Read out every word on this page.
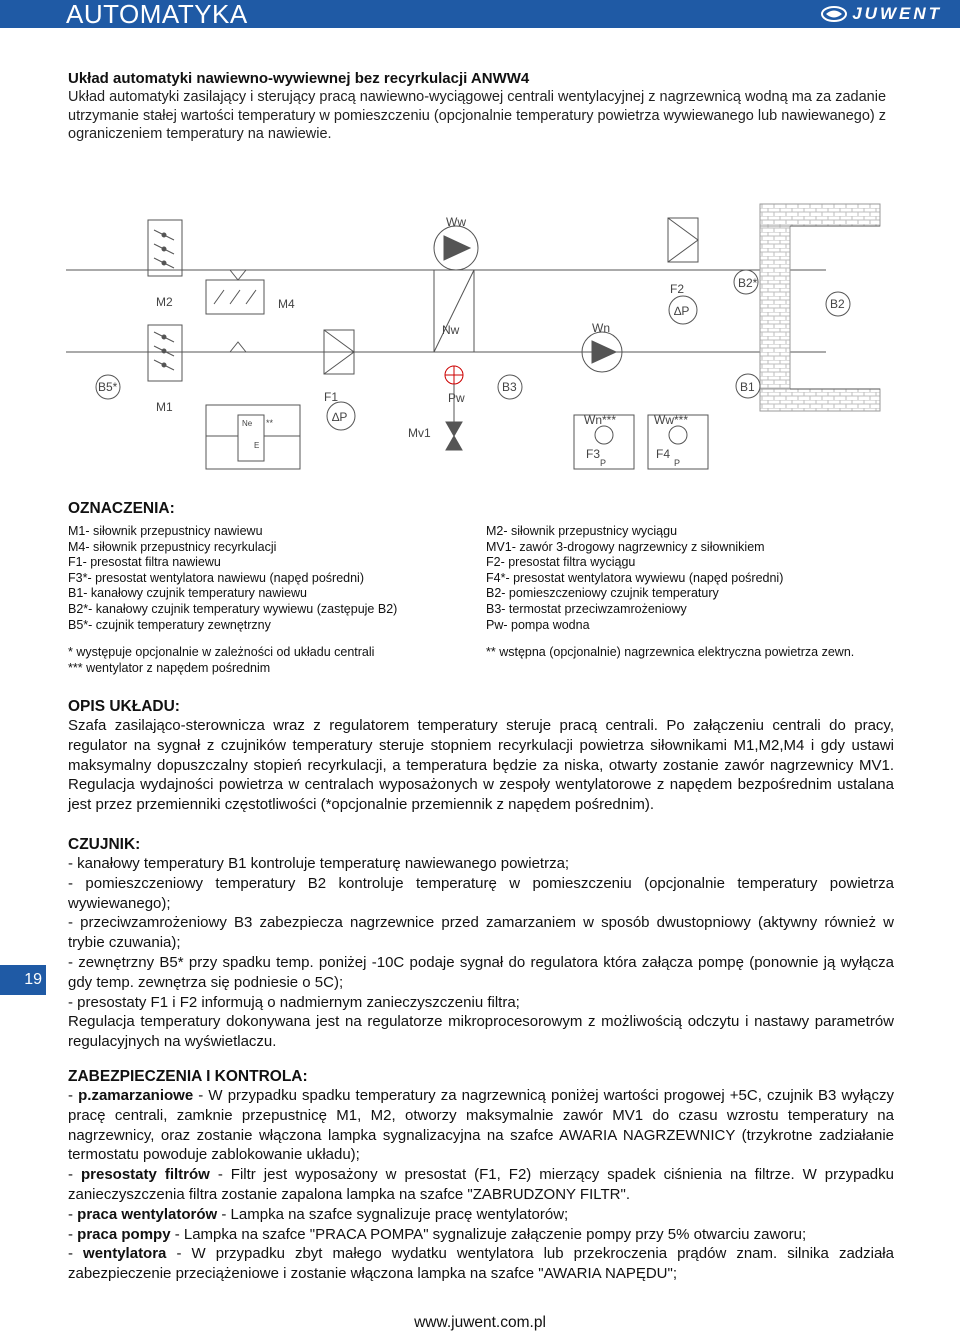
AUTOMATYKA	JUWENT
Układ automatyki nawiewno-wywiewnej bez recyrkulacji ANWW4
Układ automatyki zasilający i sterujący pracą nawiewno-wyciągowej centrali wentylacyjnej z nagrzewnicą wodną ma za zadanie utrzymanie stałej wartości temperatury w pomieszczeniu (opcjonalnie temperatury powietrza wywiewanego lub nawiewanego) z ograniczeniem temperatury na nawiewie.
Ww
M2	M4
Nw	Wn
F2
∆P
B2*
B2
B5*
M1
Ne
E
**
F1
∆P
Mv1
Pw
B3
Wn***	Ww***
F3	F4
P	P
B1
OZNACZENIA:
M1- siłownik przepustnicy nawiewu
M4- siłownik przepustnicy recyrkulacji
F1- presostat filtra nawiewu
F3*- presostat wentylatora nawiewu (napęd pośredni)
B1- kanałowy czujnik temperatury nawiewu
B2*- kanałowy czujnik temperatury wywiewu (zastępuje B2)
B5*- czujnik temperatury zewnętrzny
M2- siłownik przepustnicy wyciągu
MV1- zawór 3-drogowy nagrzewnicy z siłownikiem
F2- presostat filtra wyciągu
F4*- presostat wentylatora wywiewu (napęd pośredni)
B2- pomieszczeniowy czujnik temperatury
B3- termostat przeciwzamrożeniowy
Pw- pompa wodna
* występuje opcjonalnie w zależności od układu centrali
*** wentylator z napędem pośrednim
** wstępna (opcjonalnie) nagrzewnica elektryczna powietrza zewn.
OPIS UKŁADU:

Szafa zasilająco-sterownicza wraz z regulatorem temperatury steruje pracą centrali. Po załączeniu centrali do pracy, regulator na sygnał z czujników temperatury steruje stopniem recyrkulacji powietrza siłownikami M1,M2,M4 i gdy ustawi maksymalny dopuszczalny stopień recyrkulacji, a temperatura będzie za niska, otwarty zostanie zawór nagrzewnicy MV1. Regulacja wydajności powietrza w centralach wyposażonych w zespoły wentylatorowe z napędem bezpośrednim ustalana jest przez przemienniki częstotliwości (*opcjonalnie przemiennik z napędem pośrednim).

CZUJNIK:
- kanałowy temperatury B1 kontroluje temperaturę nawiewanego powietrza;
- pomieszczeniowy temperatury B2 kontroluje temperaturę w pomieszczeniu (opcjonalnie temperatury powietrza wywiewanego);
- przeciwzamrożeniowy B3 zabezpiecza nagrzewnice przed zamarzaniem w sposób dwustopniowy (aktywny również w trybie czuwania);
- zewnętrzny B5* przy spadku temp. poniżej -10C podaje sygnał do regulatora która załącza pompę (ponownie ją wyłącza gdy temp. zewnętrza się podniesie o 5C);
- presostaty F1 i F2 informują o nadmiernym zanieczyszczeniu filtra;
Regulacja temperatury dokonywana jest na regulatorze mikroprocesorowym z możliwością odczytu i nastawy parametrów regulacyjnych na wyświetlaczu.
ZABEZPIECZENIA I KONTROLA:
- p.zamarzaniowe - W przypadku spadku temperatury za nagrzewnicą poniżej wartości progowej +5C, czujnik B3 wyłączy pracę centrali, zamknie przepustnicę M1, M2, otworzy maksymalnie zawór MV1 do czasu wzrostu temperatury na nagrzewnicy, oraz zostanie włączona lampka sygnalizacyjna na szafce AWARIA NAGRZEWNICY (trzykrotne zadziałanie termostatu powoduje zablokowanie układu);
- presostaty filtrów - Filtr jest wyposażony w presostat (F1, F2) mierzący spadek ciśnienia na filtrze. W przypadku zanieczyszczenia filtra zostanie zapalona lampka na szafce "ZABRUDZONY FILTR".
- praca wentylatorów - Lampka na szafce sygnalizuje pracę wentylatorów;
- praca pompy - Lampka na szafce "PRACA POMPA" sygnalizuje załączenie pompy przy 5% otwarciu zaworu;
- wentylatora - W przypadku zbyt małego wydatku wentylatora lub przekroczenia prądów znam. silnika zadziała zabezpieczenie przeciążeniowe i zostanie włączona lampka na szafce "AWARIA NAPĘDU";
19
www.juwent.com.pl
